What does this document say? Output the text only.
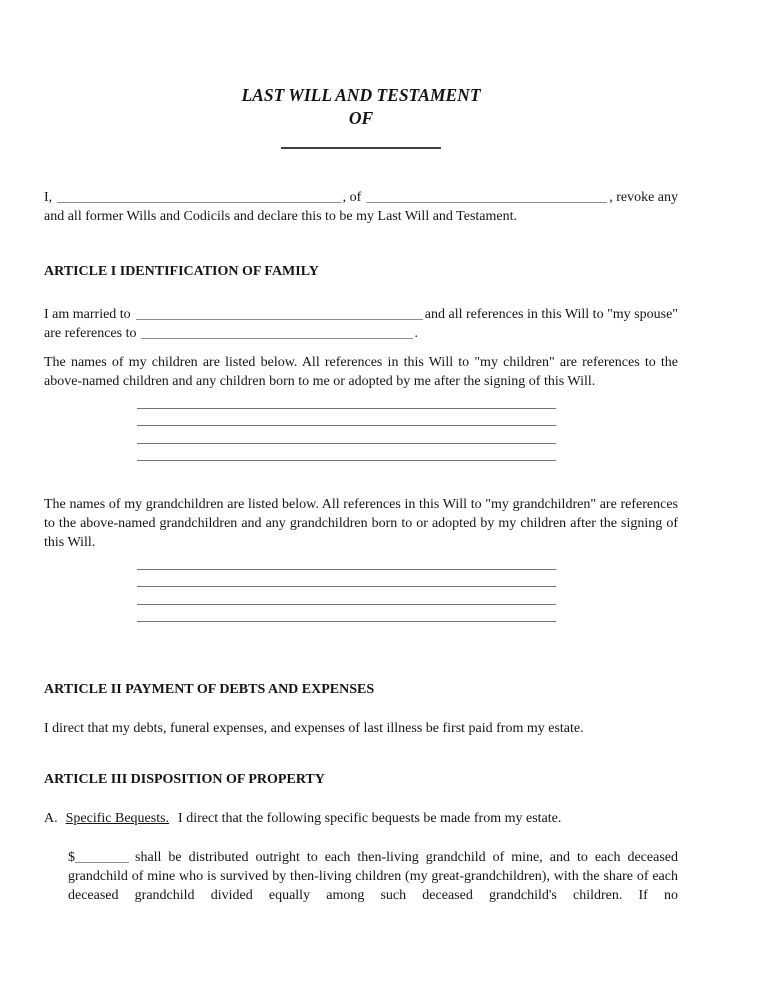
LAST WILL AND TESTAMENT
OF
I,	, of	, revoke any
and all former Wills and Codicils and declare this to be my Last Will and Testament.
ARTICLE I IDENTIFICATION OF FAMILY
I am married to	and all references in this Will to "my spouse"
are references to	.
The names of my children are listed below. All references in this Will to "my children" are references to the above-named children and any children born to me or adopted by me after the signing of this Will.
The names of my grandchildren are listed below. All references in this Will to "my grandchildren" are references to the above-named grandchildren and any grandchildren born to or adopted by my children after the signing of this Will.
ARTICLE II PAYMENT OF DEBTS AND EXPENSES
I direct that my debts, funeral expenses, and expenses of last illness be first paid from my estate.
ARTICLE III DISPOSITION OF PROPERTY
A. Specific Bequests. I direct that the following specific bequests be made from my estate.
$	shall be distributed outright to each then-living grandchild of mine, and to each deceased grandchild of mine who is survived by then-living children (my great-grandchildren), with the share of each deceased grandchild divided equally among such deceased grandchild's children. If no
